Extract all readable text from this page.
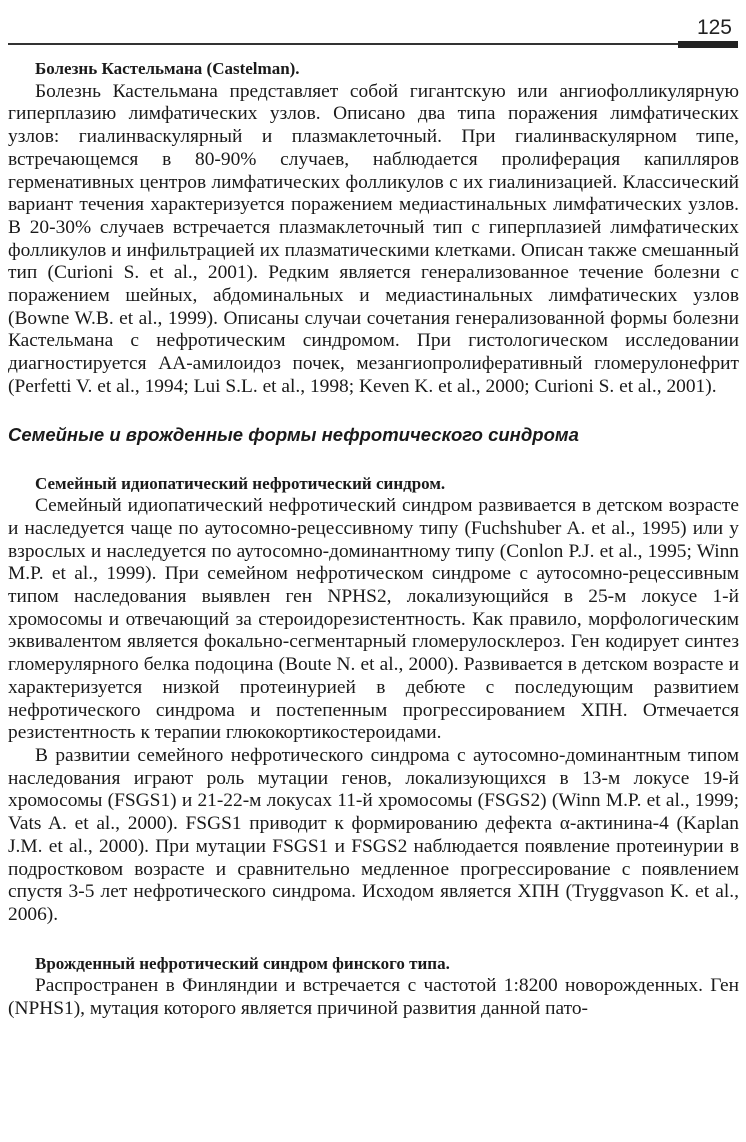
125
Болезнь Кастельмана (Castelman).

Болезнь Кастельмана представляет собой гигантскую или ангиофолликулярную гиперплазию лимфатических узлов. Описано два типа поражения лимфатических узлов: гиалинваскулярный и плазмаклеточный. При гиалинваскулярном типе, встречающемся в 80-90% случаев, наблюдается пролиферация капилляров герменативных центров лимфатических фолликулов с их гиалинизацией. Классический вариант течения характеризуется поражением медиастинальных лимфатических узлов. В 20-30% случаев встречается плазмаклеточный тип с гиперплазией лимфатических фолликулов и инфильтрацией их плазматическими клетками. Описан также смешанный тип (Curioni S. et al., 2001). Редким является генерализованное течение болезни с поражением шейных, абдоминальных и медиастинальных лимфатических узлов (Bowne W.B. et al., 1999). Описаны случаи сочетания генерализованной формы болезни Кастельмана с нефротическим синдромом. При гистологическом исследовании диагностируется АА-амилоидоз почек, мезангиопролиферативный гломерулонефрит (Perfetti V. et al., 1994; Lui S.L. et al., 1998; Keven K. et al., 2000; Curioni S. et al., 2001).

Семейные и врожденные формы нефротического синдрома
Семейный идиопатический нефротический синдром.

Семейный идиопатический нефротический синдром развивается в детском возрасте и наследуется чаще по аутосомно-рецессивному типу (Fuchshuber A. et al., 1995) или у взрослых и наследуется по аутосомно-доминантному типу (Conlon P.J. et al., 1995; Winn M.P. et al., 1999). При семейном нефротическом синдроме с аутосомно-рецессивным типом наследования выявлен ген NPHS2, локализующийся в 25-м локусе 1-й хромосомы и отвечающий за стероидорезистентность. Как правило, морфологическим эквивалентом является фокально-сегментарный гломерулосклероз. Ген кодирует синтез гломерулярного белка подоцина (Boute N. et al., 2000). Развивается в детском возрасте и характеризуется низкой протеинурией в дебюте с последующим развитием нефротического синдрома и постепенным прогрессированием ХПН. Отмечается резистентность к терапии глюкокортикостероидами.

В развитии семейного нефротического синдрома с аутосомно-доминантным типом наследования играют роль мутации генов, локализующихся в 13-м локусе 19-й хромосомы (FSGS1) и 21-22-м локусах 11-й хромосомы (FSGS2) (Winn M.P. et al., 1999; Vats A. et al., 2000). FSGS1 приводит к формированию дефекта α-актинина-4 (Kaplan J.M. et al., 2000). При мутации FSGS1 и FSGS2 наблюдается появление протеинурии в подростковом возрасте и сравнительно медленное прогрессирование с появлением спустя 3-5 лет нефротического синдрома. Исходом является ХПН (Tryggvason K. et al., 2006).

Врожденный нефротический синдром финского типа.

Распространен в Финляндии и встречается с частотой 1:8200 новорожденных. Ген (NPHS1), мутация которого является причиной развития данной пато-
